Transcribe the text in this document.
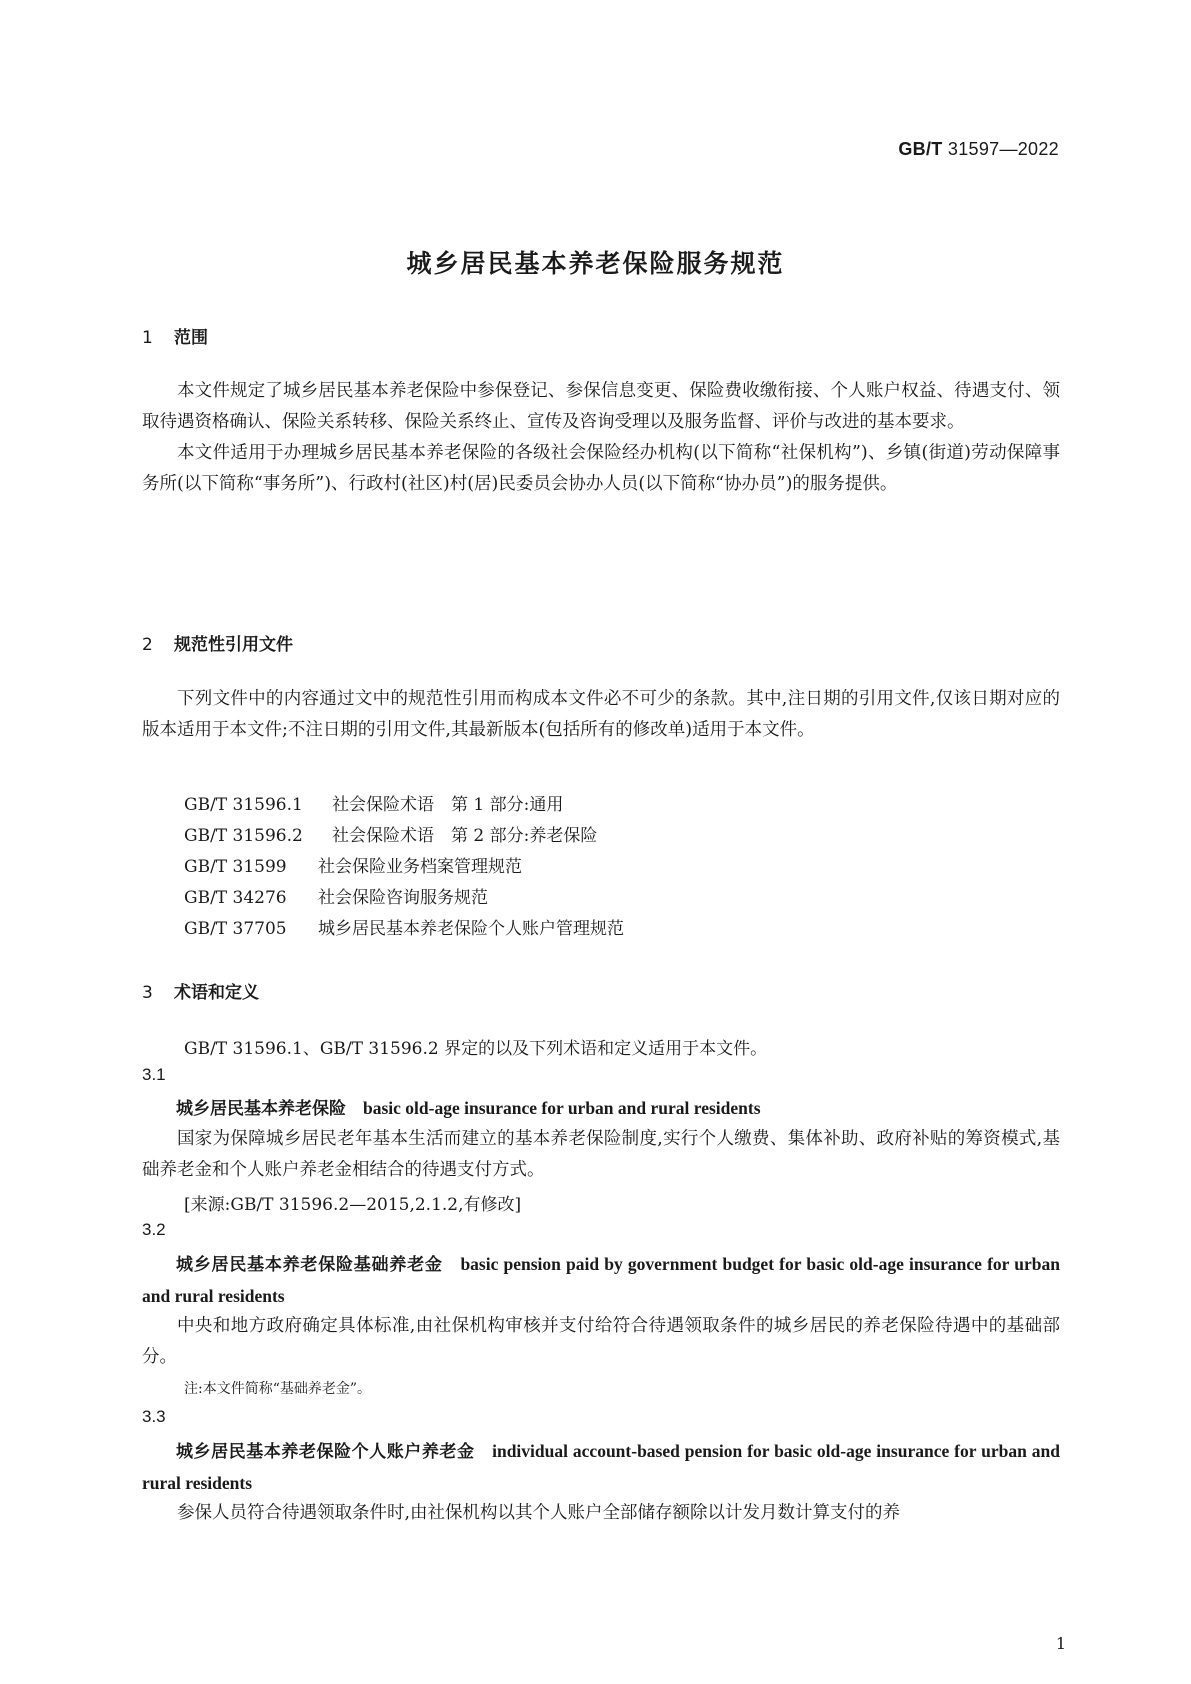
GB/T 31597—2022
城乡居民基本养老保险服务规范
1 范围

本文件规定了城乡居民基本养老保险中参保登记、参保信息变更、保险费收缴衔接、个人账户权益、待遇支付、领取待遇资格确认、保险关系转移、保险关系终止、宣传及咨询受理以及服务监督、评价与改进的基本要求。

本文件适用于办理城乡居民基本养老保险的各级社会保险经办机构(以下简称“社保机构”)、乡镇(街道)劳动保障事务所(以下简称“事务所”)、行政村(社区)村(居)民委员会协办人员(以下简称“协办员”)的服务提供。

2 规范性引用文件

下列文件中的内容通过文中的规范性引用而构成本文件必不可少的条款。其中,注日期的引用文件,仅该日期对应的版本适用于本文件;不注日期的引用文件,其最新版本(包括所有的修改单)适用于本文件。

GB/T 31596.1 社会保险术语　第 1 部分:通用
GB/T 31596.2 社会保险术语　第 2 部分:养老保险
GB/T 31599 社会保险业务档案管理规范
GB/T 34276 社会保险咨询服务规范
GB/T 37705 城乡居民基本养老保险个人账户管理规范
3 术语和定义
GB/T 31596.1、GB/T 31596.2 界定的以及下列术语和定义适用于本文件。
3.1

城乡居民基本养老保险　 basic old-age insurance for urban and rural residents

国家为保障城乡居民老年基本生活而建立的基本养老保险制度,实行个人缴费、集体补助、政府补贴的筹资模式,基础养老金和个人账户养老金相结合的待遇支付方式。

[来源:GB/T 31596.2—2015,2.1.2,有修改]
3.2

城乡居民基本养老保险基础养老金　 basic pension paid by government budget for basic old-age insurance for urban and rural residents

中央和地方政府确定具体标准,由社保机构审核并支付给符合待遇领取条件的城乡居民的养老保险待遇中的基础部分。

注:本文件简称“基础养老金”。
3.3

城乡居民基本养老保险个人账户养老金　 individual account-based pension for basic old-age insurance for urban and rural residents

参保人员符合待遇领取条件时,由社保机构以其个人账户全部储存额除以计发月数计算支付的养

1
